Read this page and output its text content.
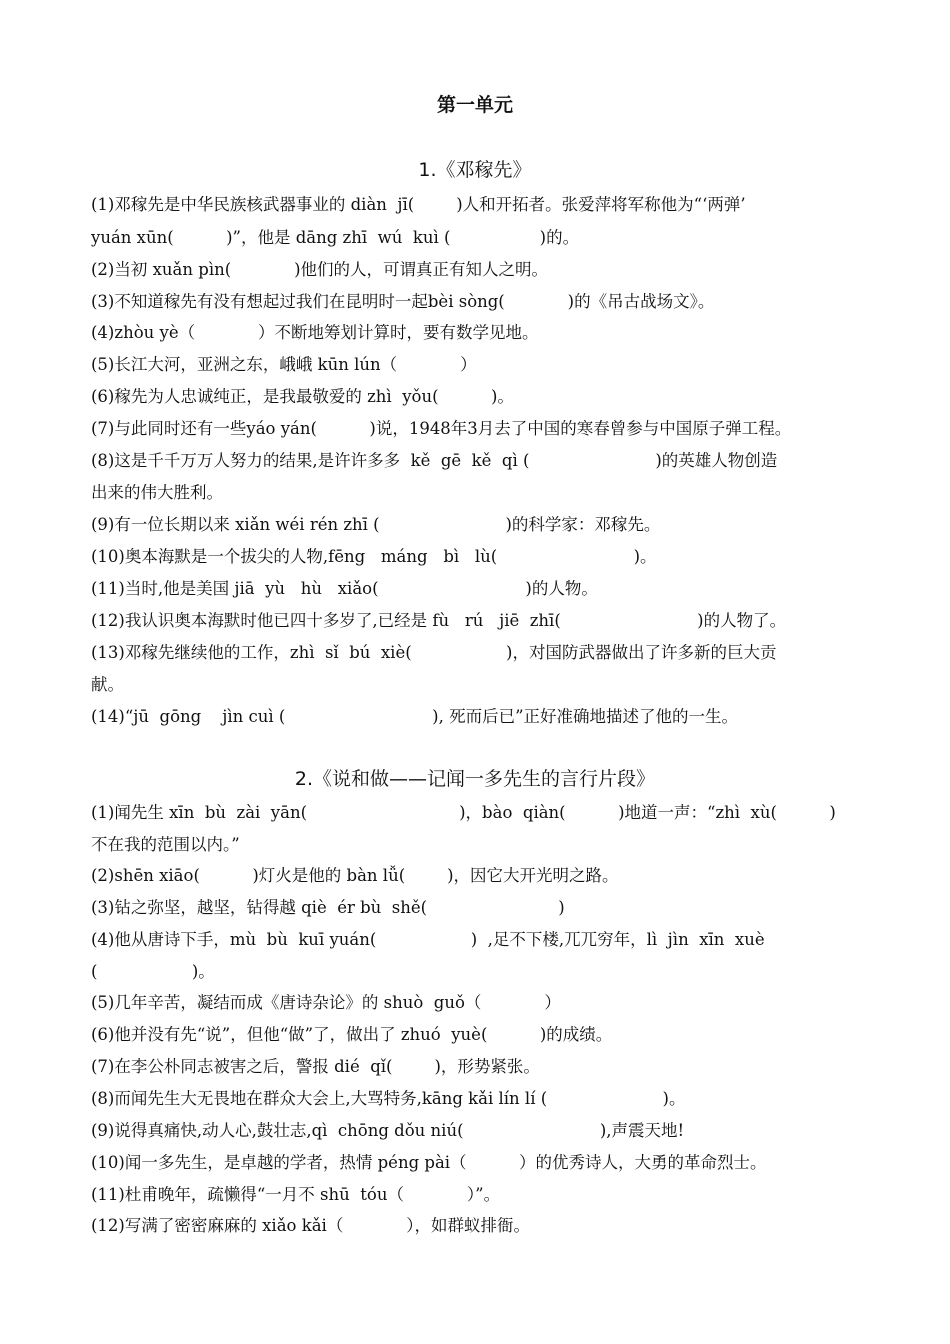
第一单元
1.《邓稼先》
(1)邓稼先是中华民族核武器事业的 diàn  jī(        )人和开拓者。张爱萍将军称他为“‘两弹’
yuán xūn(          )”，他是 dāng zhī  wú  kuì (                 )的。
(2)当初 xuǎn pìn(            )他们的人，可谓真正有知人之明。
(3)不知道稼先有没有想起过我们在昆明时一起bèi sòng(            )的《吊古战场文》。
(4)zhòu yè（            ）不断地筹划计算时，要有数学见地。
(5)长江大河，亚洲之东，峨峨 kūn lún（            ）
(6)稼先为人忠诚纯正，是我最敬爱的 zhì  yǒu(          )。
(7)与此同时还有一些yáo yán(          )说，1948年3月去了中国的寒春曾参与中国原子弹工程。
(8)这是千千万万人努力的结果,是许许多多  kě  gē  kě  qì (                        )的英雄人物创造
出来的伟大胜利。
(9)有一位长期以来 xiǎn wéi rén zhī (                        )的科学家：邓稼先。
(10)奥本海默是一个拔尖的人物,fēng   máng   bì   lù(                          )。
(11)当时,他是美国 jiā  yù   hù   xiǎo(                            )的人物。
(12)我认识奥本海默时他已四十多岁了,已经是 fù   rú   jiē  zhī(                          )的人物了。
(13)邓稼先继续他的工作，zhì  sǐ  bú  xiè(                  )，对国防武器做出了许多新的巨大贡
献。
(14)“jū  gōng    jìn cuì (                            ), 死而后已”正好准确地描述了他的一生。
2.《说和做——记闻一多先生的言行片段》
(1)闻先生 xīn  bù  zài  yān(                             )，bào  qiàn(          )地道一声：“zhì  xù(          )
不在我的范围以内。”
(2)shēn xiāo(          )灯火是他的 bàn lǚ(        )，因它大开光明之路。
(3)钻之弥坚，越坚，钻得越 qiè  ér bù  shě(                         )
(4)他从唐诗下手，mù  bù  kuī yuán(                  )  ,足不下楼,兀兀穷年，lì  jìn  xīn  xuè
(                  )。
(5)几年辛苦，凝结而成《唐诗杂论》的 shuò  guǒ（            ）
(6)他并没有先“说”，但他“做”了，做出了 zhuó  yuè(          )的成绩。
(7)在李公朴同志被害之后，警报 dié  qǐ(        )，形势紧张。
(8)而闻先生大无畏地在群众大会上,大骂特务,kāng kǎi lín lí (                      )。
(9)说得真痛快,动人心,鼓壮志,qì  chōng dǒu niú(                          ),声震天地!
(10)闻一多先生，是卓越的学者，热情 péng pài（          ）的优秀诗人，大勇的革命烈士。
(11)杜甫晚年，疏懒得“一月不 shū  tóu（            ）”。
(12)写满了密密麻麻的 xiǎo kǎi（            ），如群蚁排衙。
